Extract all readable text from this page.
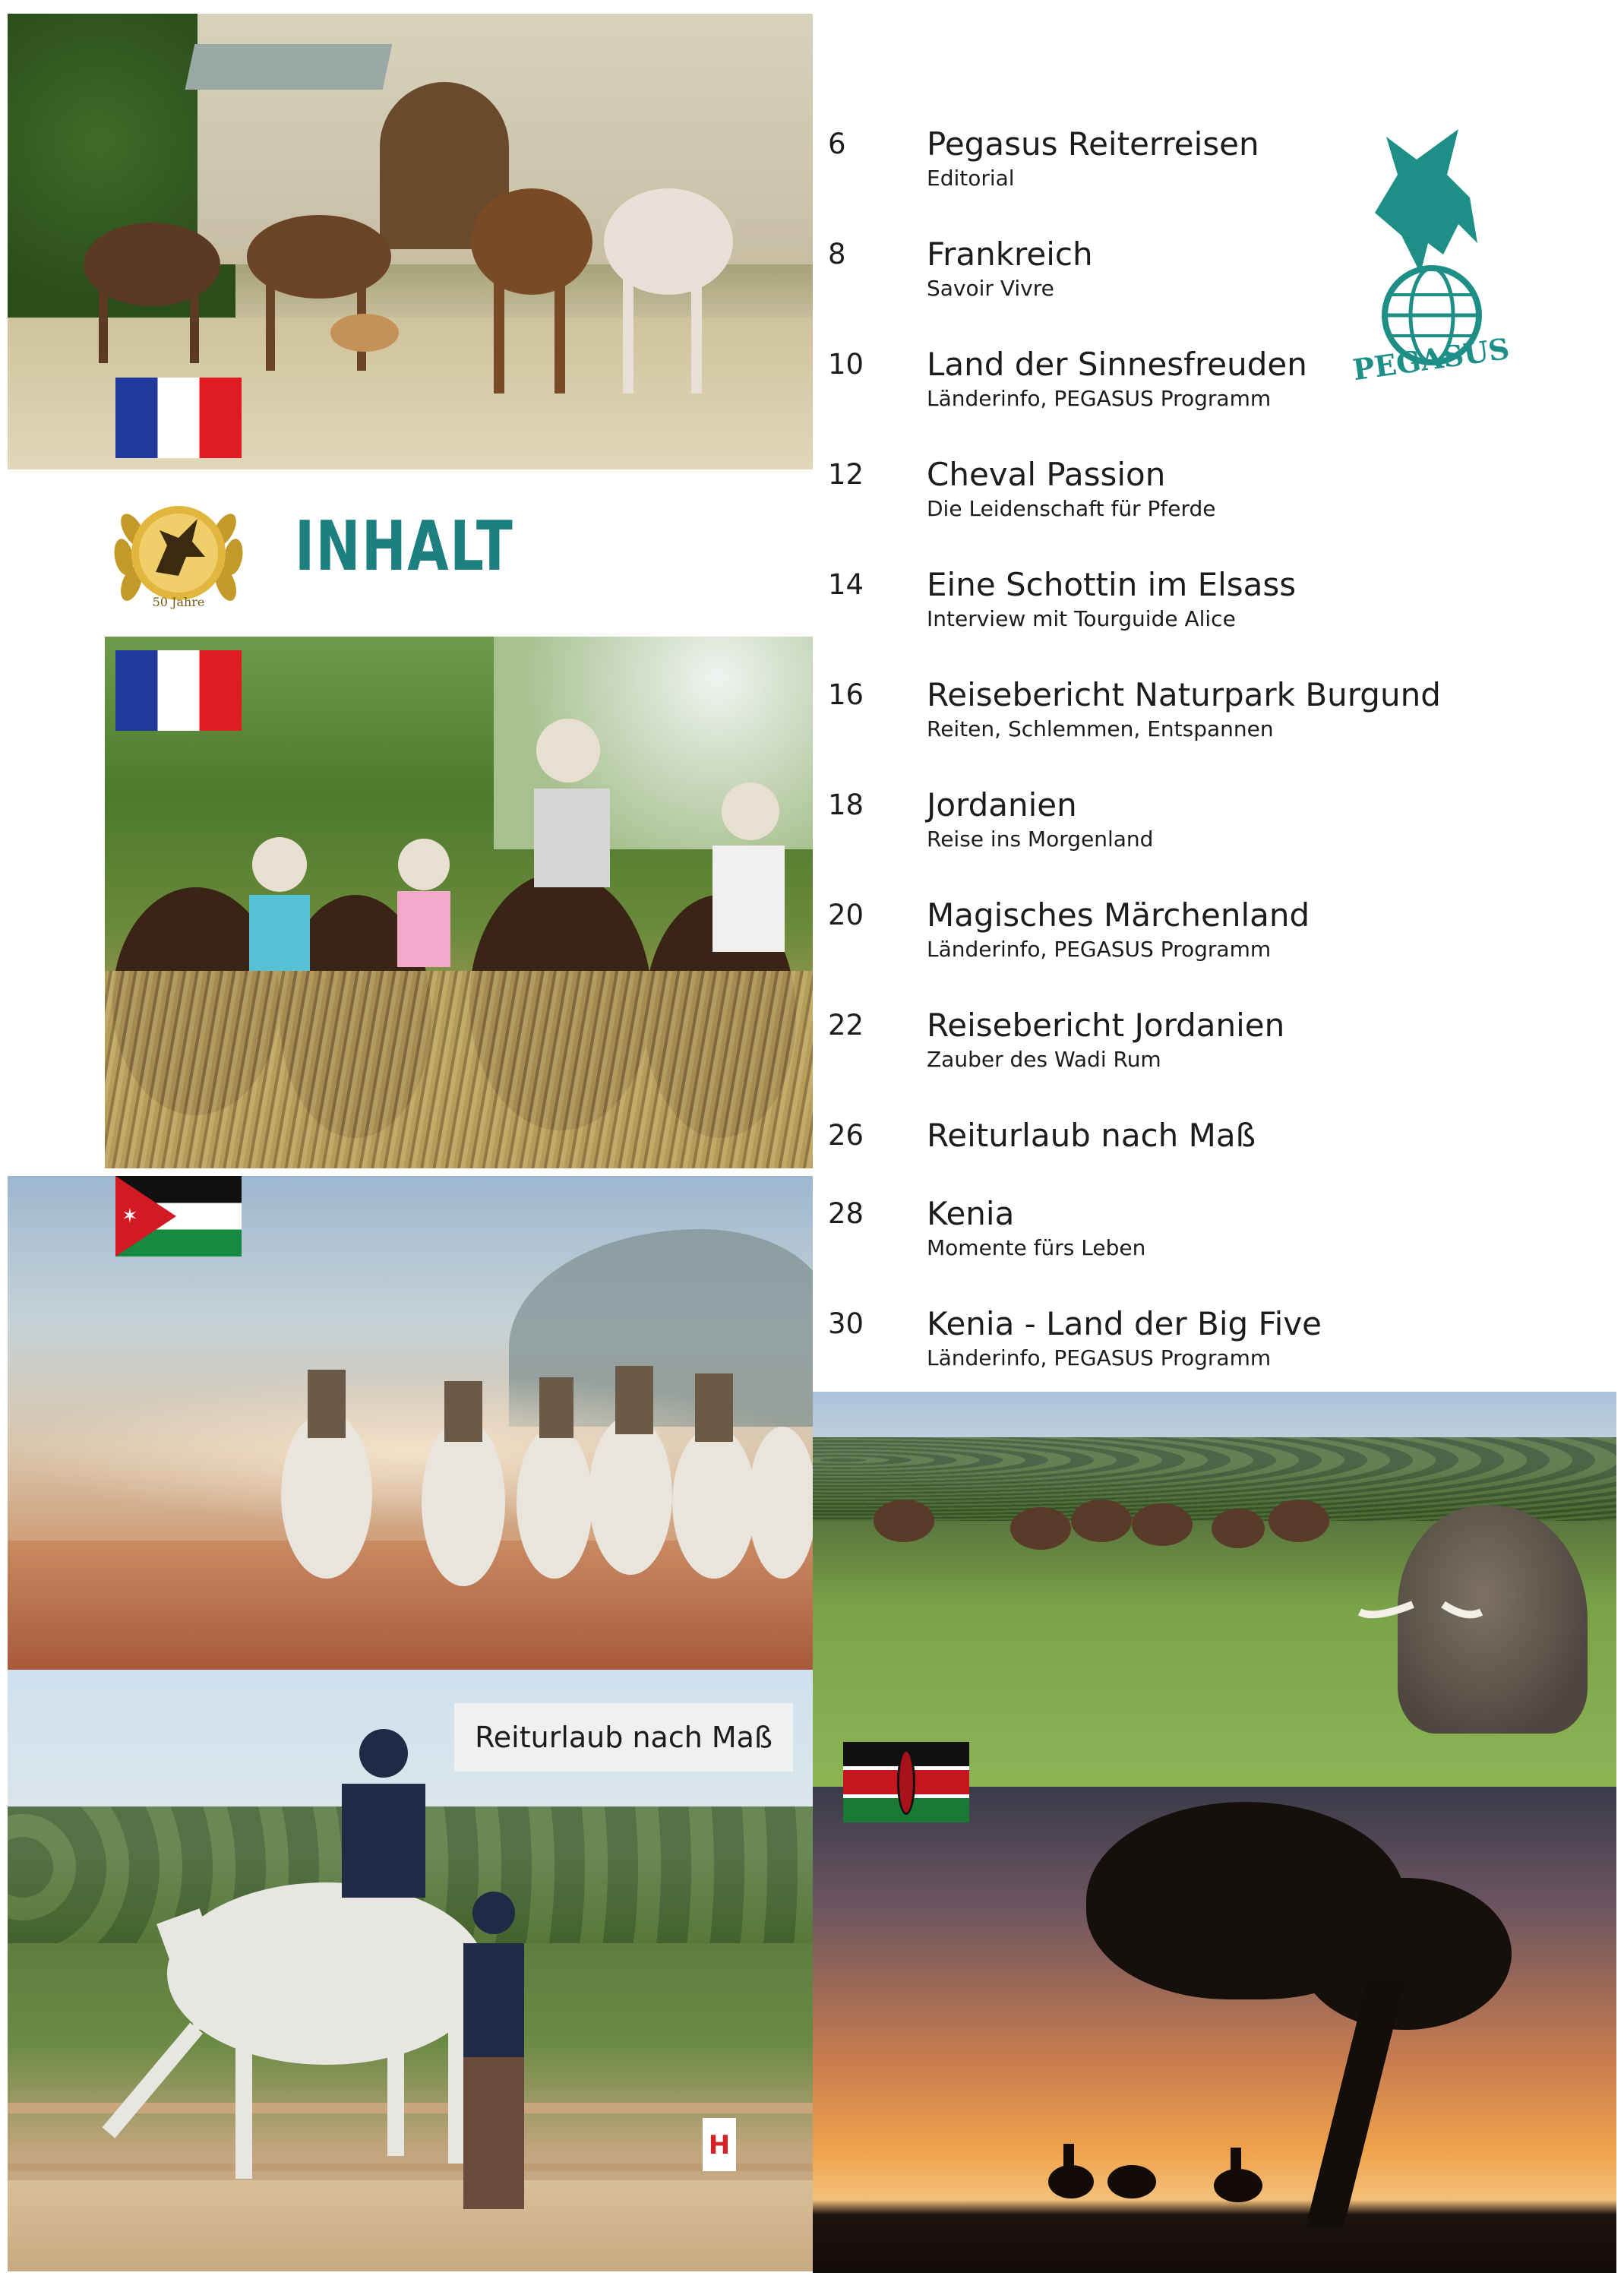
H
✶
50 Jahre
INHALT
PEGASUS
6	Pegasus Reiterreisen
Editorial
8	Frankreich
Savoir Vivre
10 Land der Sinnesfreuden
Länderinfo, PEGASUS Programm
12 Cheval Passion
Die Leidenschaft für Pferde
14 Eine Schottin im Elsass
Interview mit Tourguide Alice
16 Reisebericht Naturpark Burgund
Reiten, Schlemmen, Entspannen
18 Jordanien
Reise ins Morgenland
20 Magisches Märchenland
Länderinfo, PEGASUS Programm
22 Reisebericht Jordanien
Zauber des Wadi Rum
26 Reiturlaub nach Maß
28 Kenia
Momente fürs Leben
30 Kenia - Land der Big Five
Länderinfo, PEGASUS Programm
Reiturlaub nach Maß
